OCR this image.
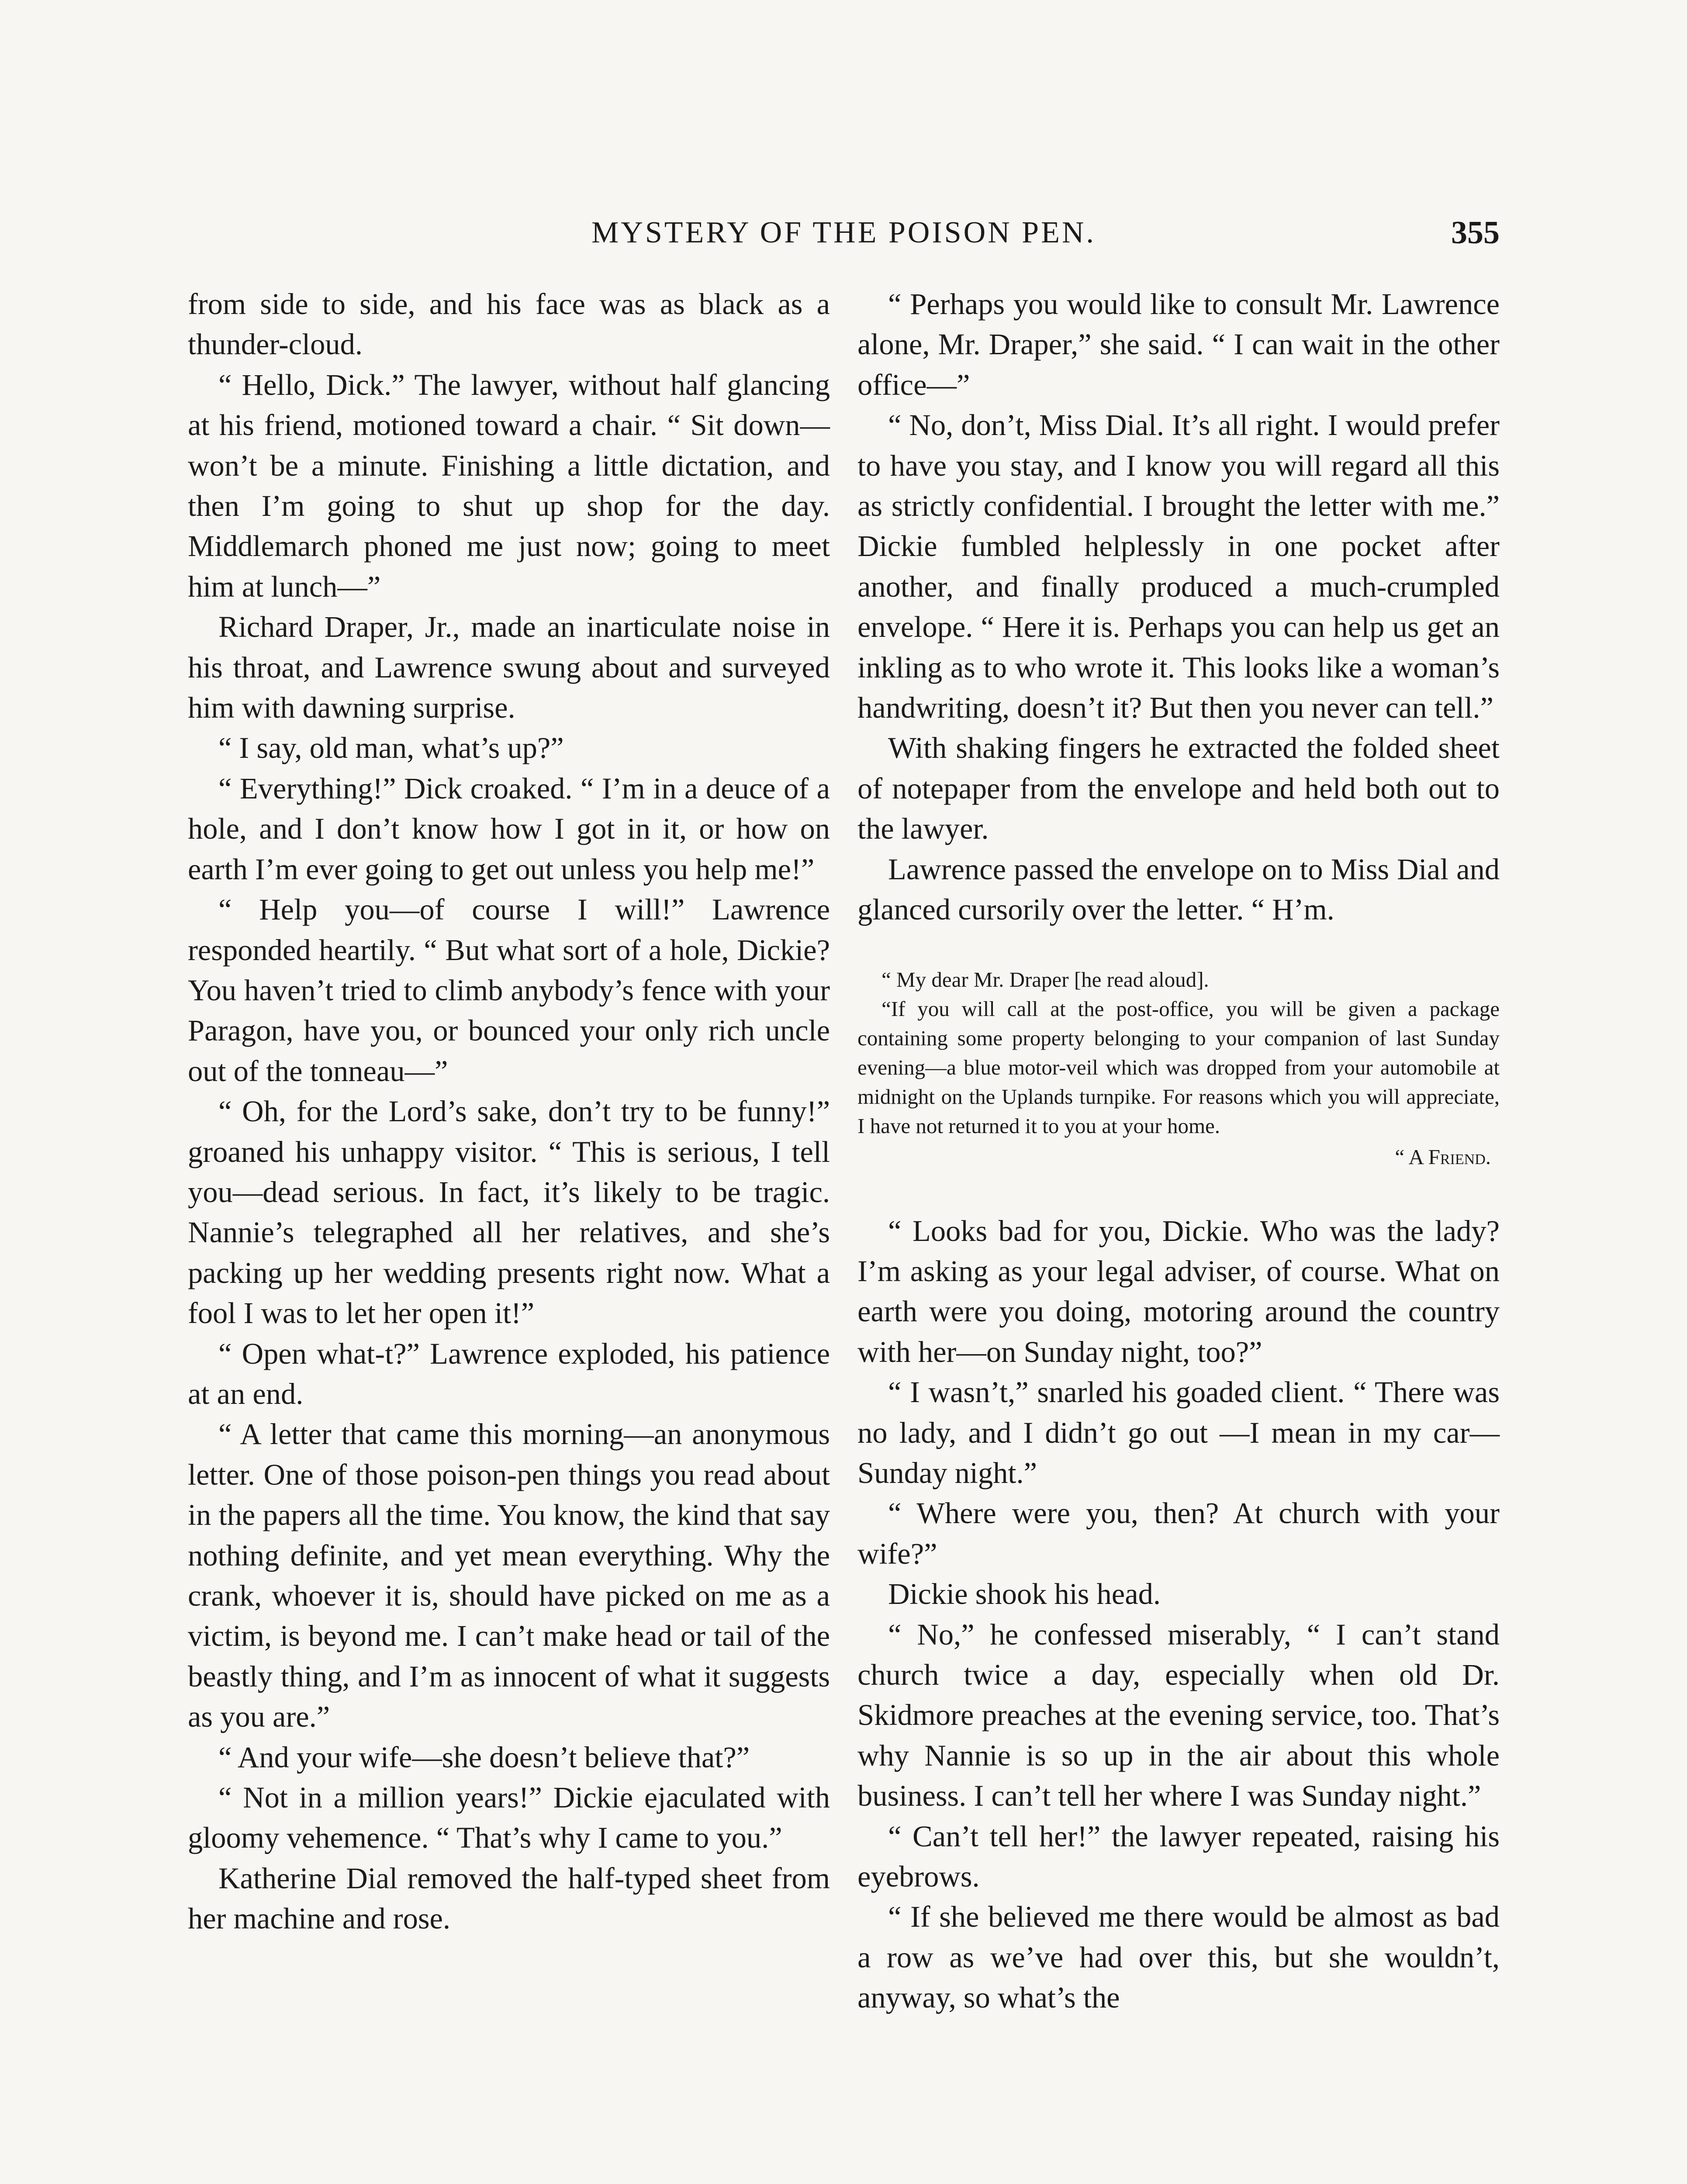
MYSTERY OF THE POISON PEN.	355

from side to side, and his face was as black as a thunder-cloud.

“ Hello, Dick.” The lawyer, without half glancing at his friend, motioned toward a chair. “ Sit down—won’t be a minute. Finishing a little dictation, and then I’m going to shut up shop for the day. Middlemarch phoned me just now; going to meet him at lunch—”

Richard Draper, Jr., made an inarticulate noise in his throat, and Lawrence swung about and surveyed him with dawning surprise.

“ I say, old man, what’s up?”

“ Everything!” Dick croaked. “ I’m in a deuce of a hole, and I don’t know how I got in it, or how on earth I’m ever going to get out unless you help me!”

“ Help you—of course I will!” Lawrence responded heartily. “ But what sort of a hole, Dickie? You haven’t tried to climb anybody’s fence with your Paragon, have you, or bounced your only rich uncle out of the tonneau—”

“ Oh, for the Lord’s sake, don’t try to be funny!” groaned his unhappy visitor. “ This is serious, I tell you—dead serious. In fact, it’s likely to be tragic. Nannie’s telegraphed all her relatives, and she’s packing up her wedding presents right now. What a fool I was to let her open it!”

“ Open what-t?” Lawrence exploded, his patience at an end.

“ A letter that came this morning—an anonymous letter. One of those poison-pen things you read about in the papers all the time. You know, the kind that say nothing definite, and yet mean everything. Why the crank, whoever it is, should have picked on me as a victim, is beyond me. I can’t make head or tail of the beastly thing, and I’m as innocent of what it suggests as you are.”

“ And your wife—she doesn’t believe that?”

“ Not in a million years!” Dickie ejaculated with gloomy vehemence. “ That’s why I came to you.”

Katherine Dial removed the half-typed sheet from her machine and rose.

“ Perhaps you would like to consult Mr. Lawrence alone, Mr. Draper,” she said. “ I can wait in the other office—”

“ No, don’t, Miss Dial. It’s all right. I would prefer to have you stay, and I know you will regard all this as strictly confidential. I brought the letter with me.” Dickie fumbled helplessly in one pocket after another, and finally produced a much-crumpled envelope. “ Here it is. Perhaps you can help us get an inkling as to who wrote it. This looks like a woman’s handwriting, doesn’t it? But then you never can tell.”

With shaking fingers he extracted the folded sheet of notepaper from the envelope and held both out to the lawyer.

Lawrence passed the envelope on to Miss Dial and glanced cursorily over the letter. “ H’m.

“ My dear Mr. Draper [he read aloud].

“If you will call at the post-office, you will be given a package containing some property belonging to your companion of last Sunday evening—a blue motor-veil which was dropped from your automobile at midnight on the Uplands turnpike. For reasons which you will appreciate, I have not returned it to you at your home.

“ A Friend.

“ Looks bad for you, Dickie. Who was the lady? I’m asking as your legal adviser, of course. What on earth were you doing, motoring around the country with her—on Sunday night, too?”

“ I wasn’t,” snarled his goaded client. “ There was no lady, and I didn’t go out —I mean in my car—Sunday night.”

“ Where were you, then? At church with your wife?”

Dickie shook his head.

“ No,” he confessed miserably, “ I can’t stand church twice a day, especially when old Dr. Skidmore preaches at the evening service, too. That’s why Nannie is so up in the air about this whole business. I can’t tell her where I was Sunday night.”

“ Can’t tell her!” the lawyer repeated, raising his eyebrows.

“ If she believed me there would be almost as bad a row as we’ve had over this, but she wouldn’t, anyway, so what’s the
